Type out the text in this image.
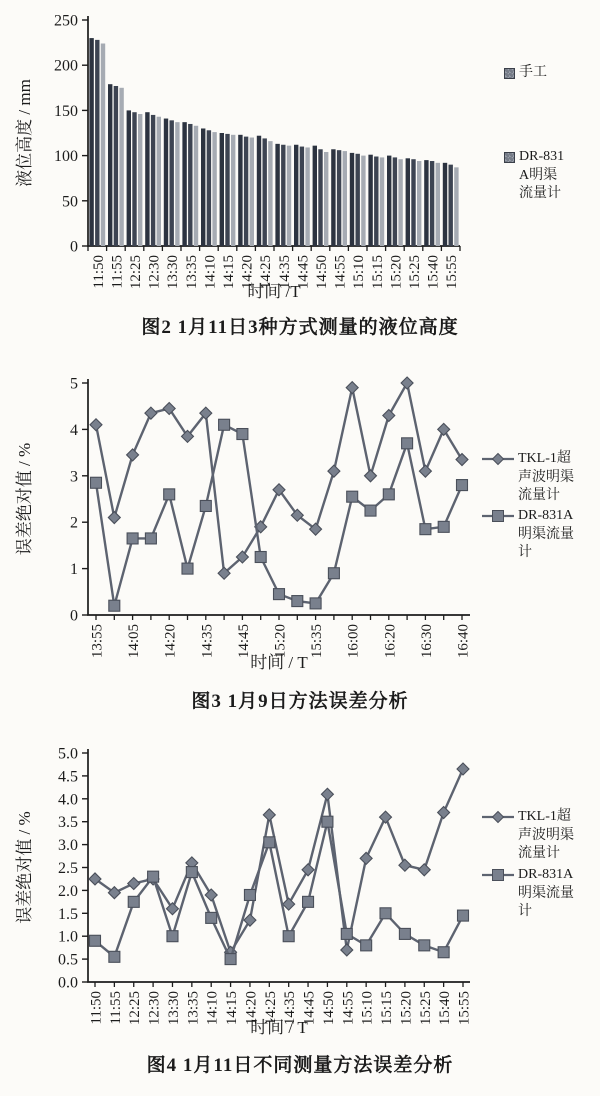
0
50
100
150
200
250
11:50 11:55 12:25 12:30 13:30 13:35 14:10 14:15 14:20 14:25 14:35 14:45 14:50 14:55 15:10 15:15 15:20 15:25 15:40 15:55
时间 /T
液位高度 / mm
手工
DR-831A明渠流量计
图2 1月11日3种方式测量的液位高度
0
1
2
3
4
5
13:55 14:05 14:20 14:35 14:45 15:20 15:35 16:00 16:20 16:30 16:40
时间 / T
误差绝对值 / %	TKL-1超声波明渠流量计
DR-831A明渠流量计
图3 1月9日方法误差分析
0.0
0.5
1.0
1.5
2.0
2.5
3.0
3.5
4.0
4.5
5.0
11:50 11:55 12:25 12:30 13:30 13:35 14:10 14:15 14:20 14:25 14:35 14:45 14:50 14:55 15:10 15:15 15:20 15:25 15:40 15:55
时间 / T
误差绝对值 / %	TKL-1超声波明渠流量计
DR-831A明渠流量计
图4 1月11日不同测量方法误差分析
